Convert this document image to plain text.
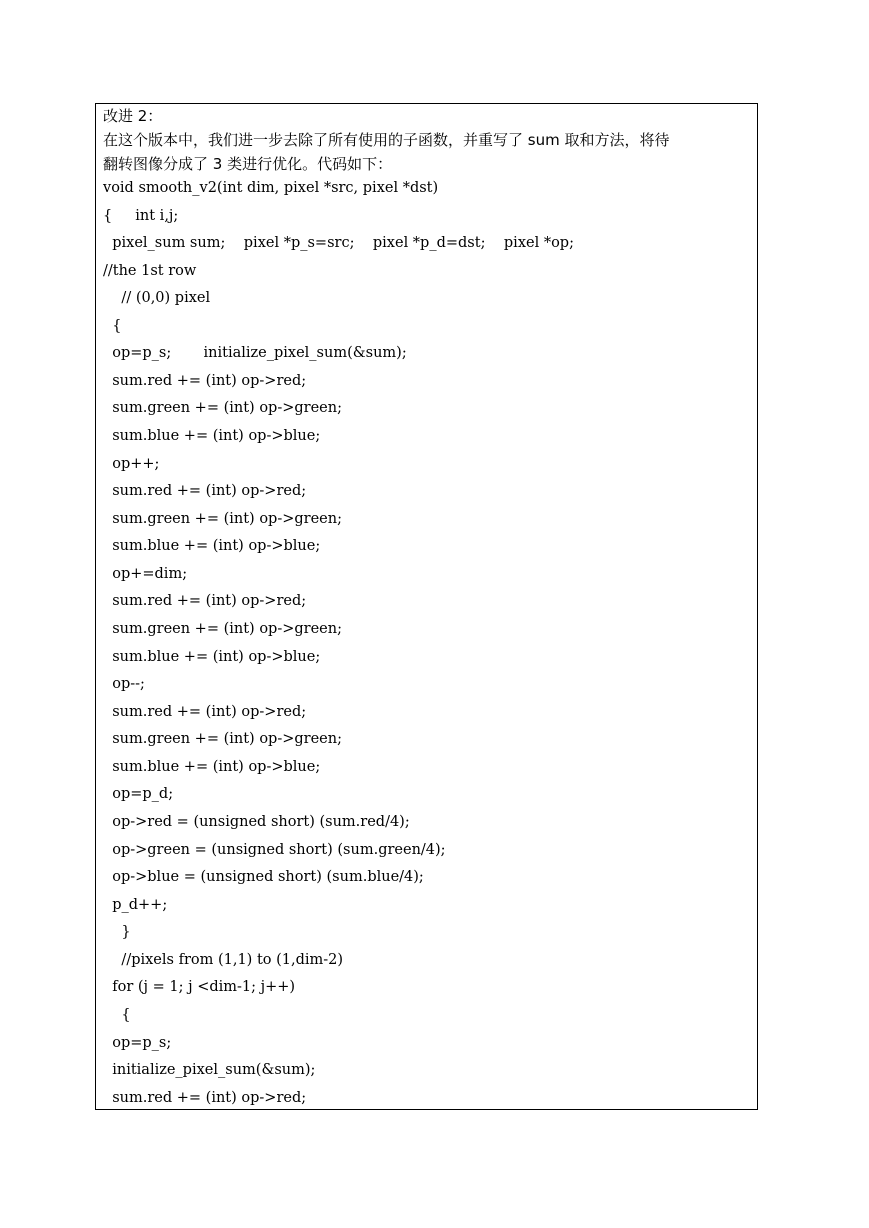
改进 2：
在这个版本中，我们进一步去除了所有使用的子函数，并重写了 sum 取和方法，将待
翻转图像分成了 3 类进行优化。代码如下：
void smooth_v2(int dim, pixel *src, pixel *dst)
{     int i,j;
pixel_sum sum;    pixel *p_s=src;    pixel *p_d=dst;    pixel *op;
//the 1st row
// (0,0) pixel
{
op=p_s;       initialize_pixel_sum(&sum);
sum.red += (int) op->red;
sum.green += (int) op->green;
sum.blue += (int) op->blue;
op++;
sum.red += (int) op->red;
sum.green += (int) op->green;
sum.blue += (int) op->blue;
op+=dim;
sum.red += (int) op->red;
sum.green += (int) op->green;
sum.blue += (int) op->blue;
op--;
sum.red += (int) op->red;
sum.green += (int) op->green;
sum.blue += (int) op->blue;
op=p_d;
op->red = (unsigned short) (sum.red/4);
op->green = (unsigned short) (sum.green/4);
op->blue = (unsigned short) (sum.blue/4);
p_d++;
}
//pixels from (1,1) to (1,dim-2)
for (j = 1; j <dim-1; j++)
{
op=p_s;
initialize_pixel_sum(&sum);
sum.red += (int) op->red;
